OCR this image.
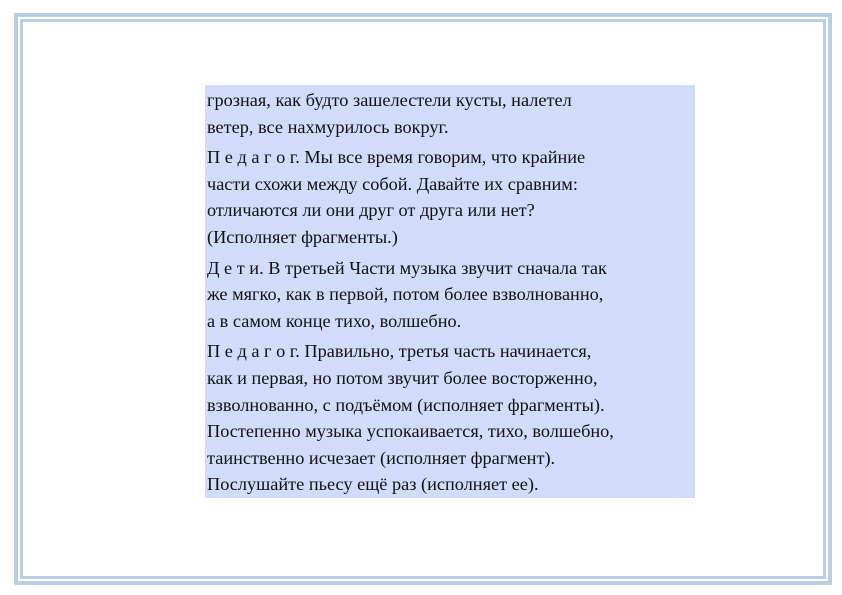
грозная, как будто зашелестели кусты, налетел
ветер, все нахмурилось вокруг.

П е д а г о г. Мы все время говорим, что крайние
части схожи между собой. Давайте их сравним:
отличаются ли они друг от друга или нет?
(Исполняет фрагменты.)

Д е т и. В третьей Части музыка звучит сначала так
же мягко, как в первой, потом более взволнованно,
а в самом конце тихо, волшебно.

П е д а г о г. Правильно, третья часть начинается,
как и первая, но потом звучит более восторженно,
взволнованно, с подъёмом (исполняет фрагменты).
Постепенно музыка успокаивается, тихо, волшебно,
таинственно исчезает (исполняет фрагмент).
Послушайте пьесу ещё раз (исполняет ее).
